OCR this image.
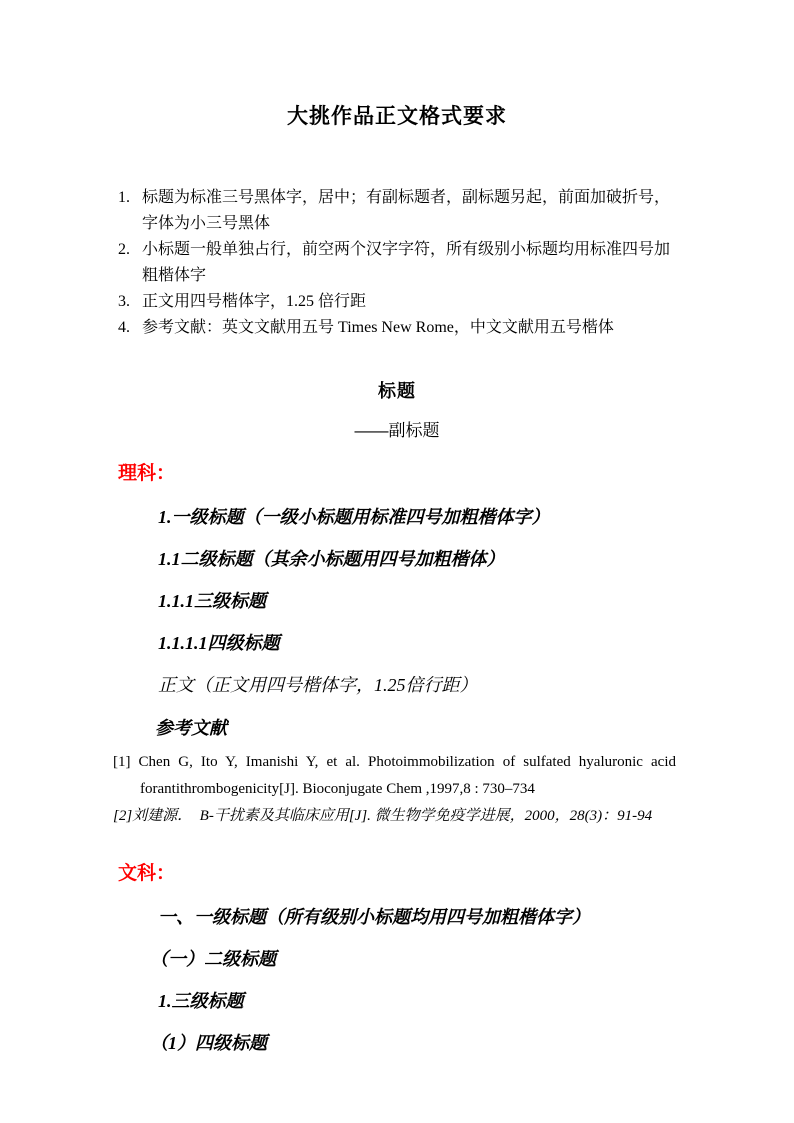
大挑作品正文格式要求
1. 标题为标准三号黑体字，居中；有副标题者，副标题另起，前面加破折号，字体为小三号黑体
2. 小标题一般单独占行，前空两个汉字字符，所有级别小标题均用标准四号加粗楷体字
3. 正文用四号楷体字，1.25 倍行距
4. 参考文献：英文文献用五号 Times New Rome，中文文献用五号楷体
标题
——副标题
理科：
1.一级标题（一级小标题用标准四号加粗楷体字）
1.1二级标题（其余小标题用四号加粗楷体）
1.1.1三级标题
1.1.1.1四级标题
正文（正文用四号楷体字，1.25倍行距）
参考文献
[1] Chen G, Ito Y, Imanishi Y, et al. Photoimmobilization of sulfated hyaluronic acid
forantithrombogenicity[J]. Bioconjugate Chem ,1997,8 : 730–734
[2]刘建源．　B-干扰素及其临床应用[J]. 微生物学免疫学进展，2000，28(3)：91-94
文科：
一、一级标题（所有级别小标题均用四号加粗楷体字）
（一）二级标题
1.三级标题
（1）四级标题
